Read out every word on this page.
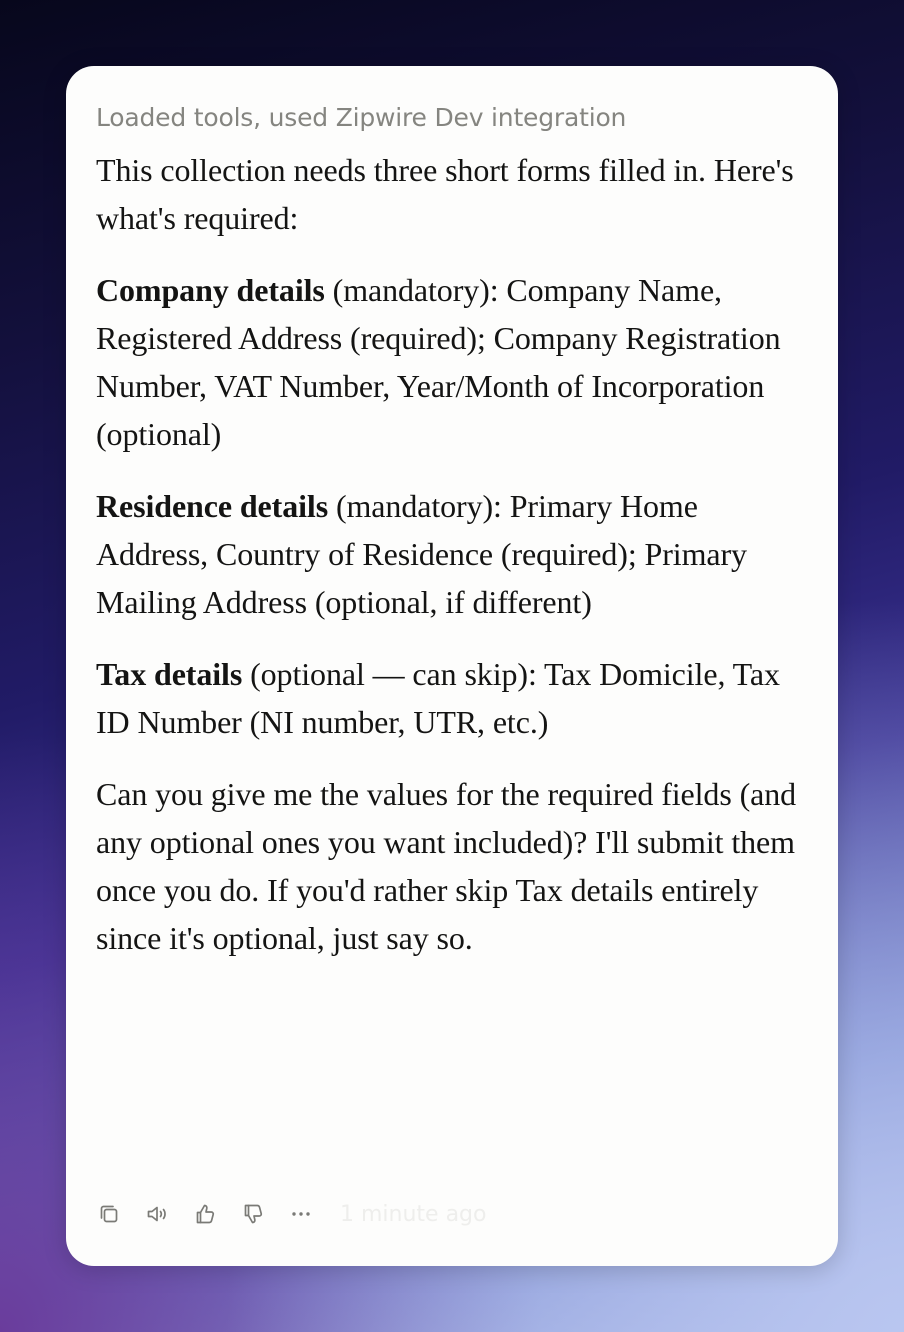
Loaded tools, used Zipwire Dev integration

This collection needs three short forms filled in. Here's what's required:

Company details (mandatory): Company Name, Registered Address (required); Company Registration Number, VAT Number, Year/Month of Incorporation (optional)

Residence details (mandatory): Primary Home Address, Country of Residence (required); Primary Mailing Address (optional, if different)

Tax details (optional — can skip): Tax Domicile, Tax ID Number (NI number, UTR, etc.)

Can you give me the values for the required fields (and any optional ones you want included)? I'll submit them once you do. If you'd rather skip Tax details entirely since it's optional, just say so.

1 minute ago
